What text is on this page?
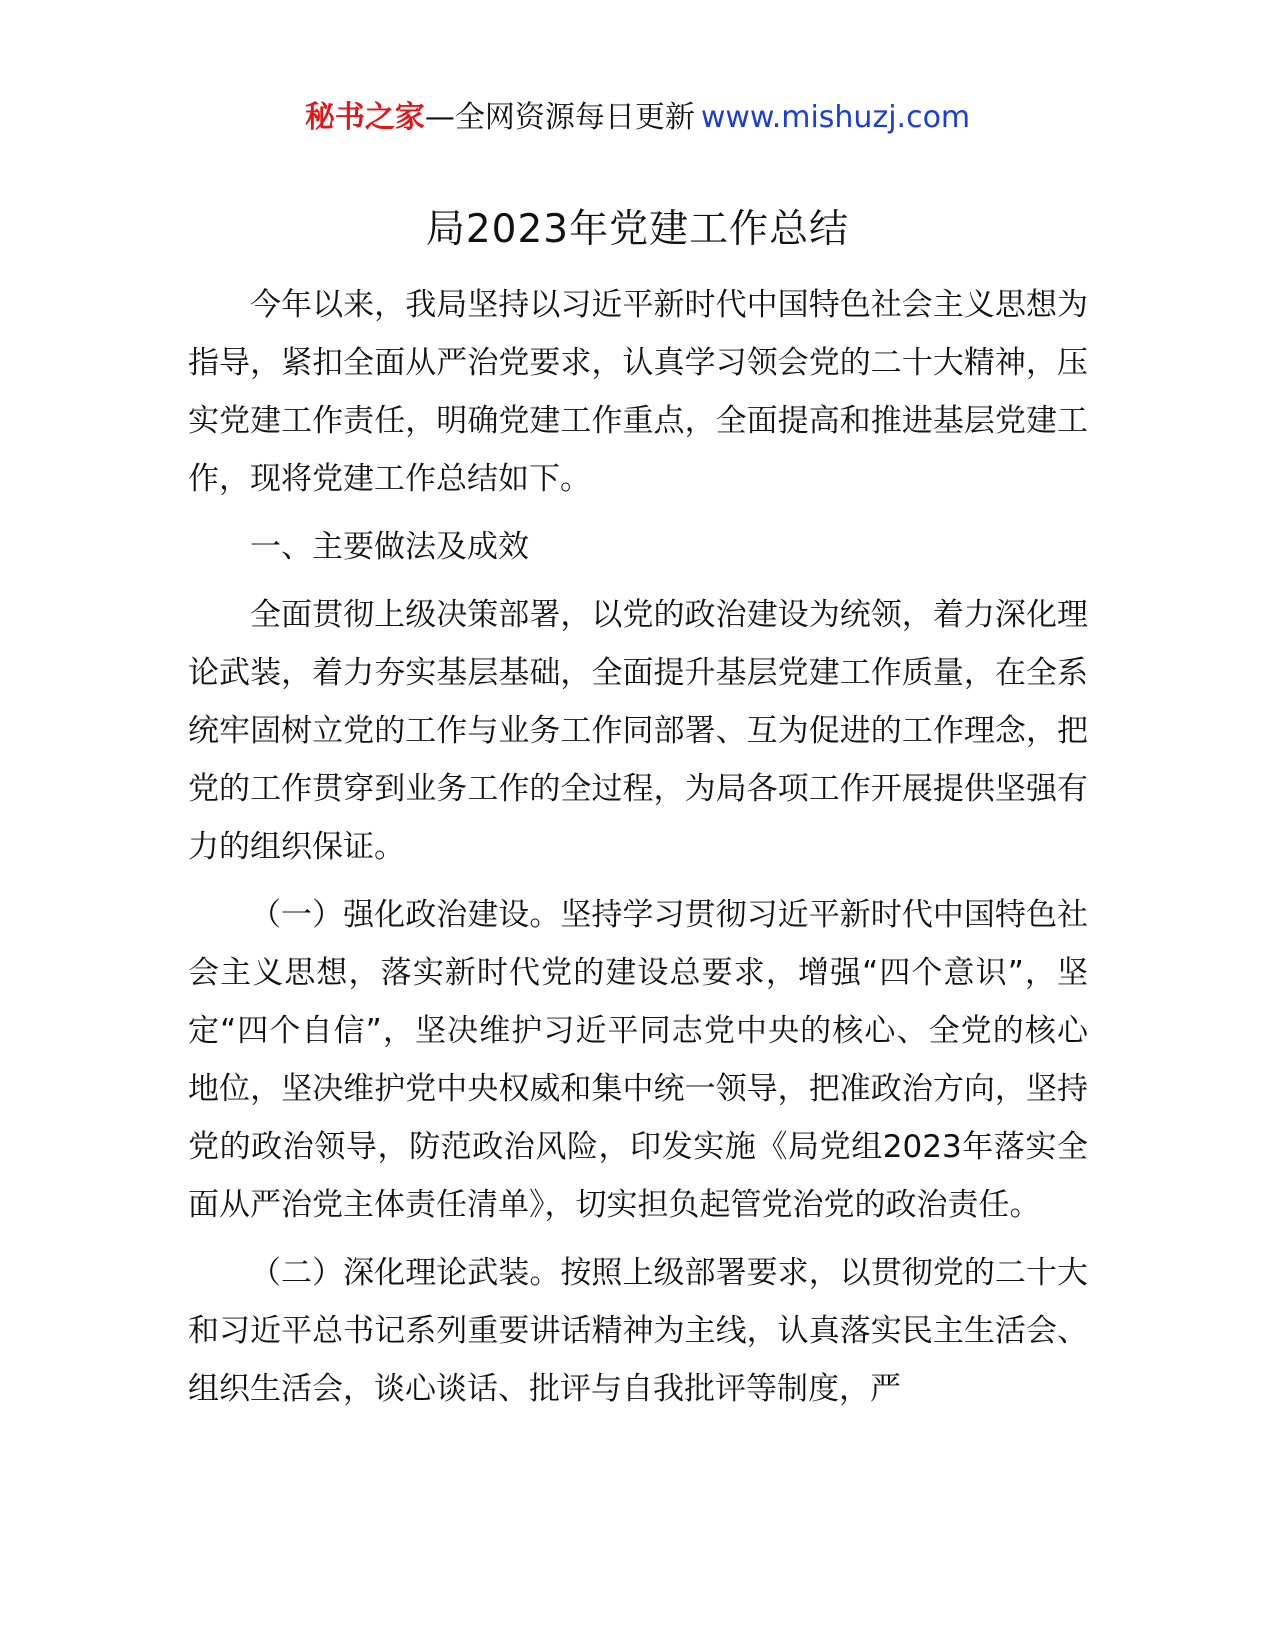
秘书之家—全网资源每日更新 www.mishuzj.com
局2023年党建工作总结

今年以来，我局坚持以习近平新时代中国特色社会主义思想为指导，紧扣全面从严治党要求，认真学习领会党的二十大精神，压实党建工作责任，明确党建工作重点，全面提高和推进基层党建工作，现将党建工作总结如下。

一、主要做法及成效

全面贯彻上级决策部署，以党的政治建设为统领，着力深化理论武装，着力夯实基层基础，全面提升基层党建工作质量，在全系统牢固树立党的工作与业务工作同部署、互为促进的工作理念，把党的工作贯穿到业务工作的全过程，为局各项工作开展提供坚强有力的组织保证。

（一）强化政治建设。坚持学习贯彻习近平新时代中国特色社会主义思想，落实新时代党的建设总要求，增强“四个意识”，坚定“四个自信”，坚决维护习近平同志党中央的核心、全党的核心地位，坚决维护党中央权威和集中统一领导，把准政治方向，坚持党的政治领导，防范政治风险，印发实施《局党组2023年落实全面从严治党主体责任清单》，切实担负起管党治党的政治责任。

（二）深化理论武装。按照上级部署要求，以贯彻党的二十大和习近平总书记系列重要讲话精神为主线，认真落实民主生活会、组织生活会，谈心谈话、批评与自我批评等制度，严
